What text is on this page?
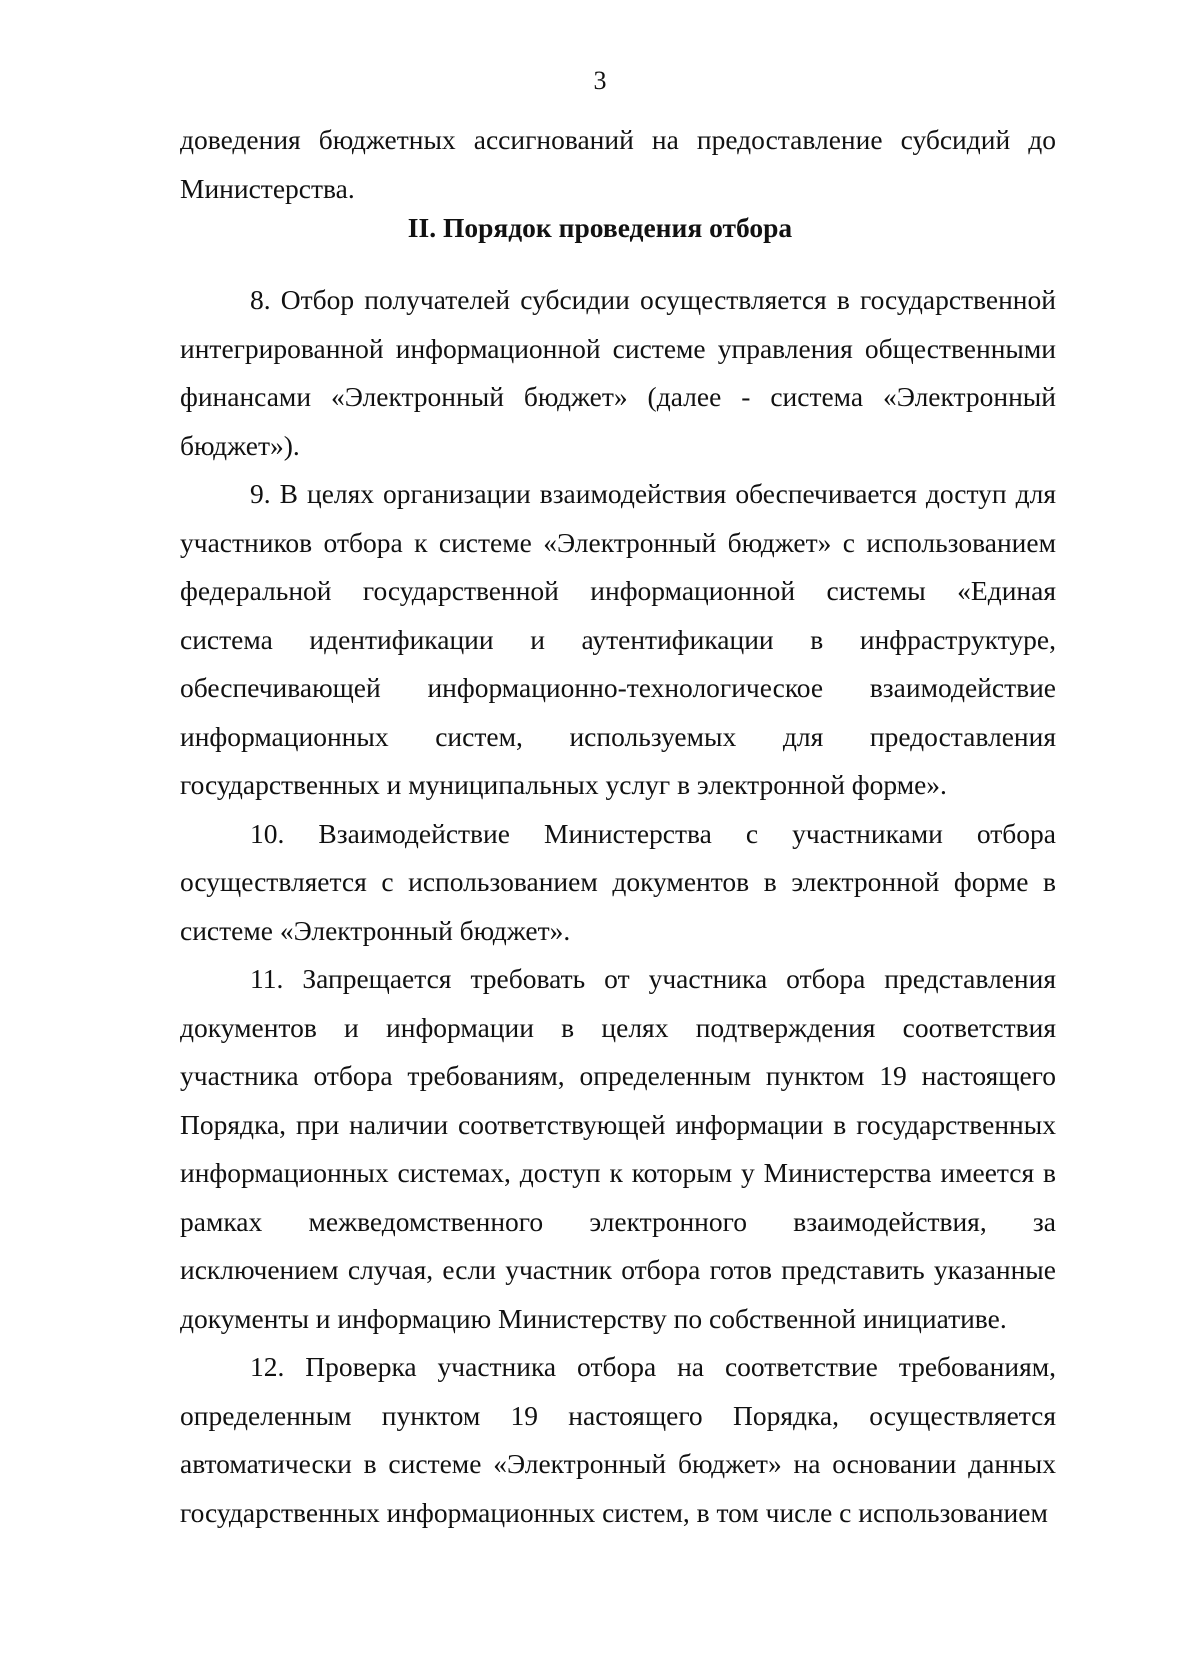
3

доведения бюджетных ассигнований на предоставление субсидий до Министерства.

II. Порядок проведения отбора

8. Отбор получателей субсидии осуществляется в государственной интегрированной информационной системе управления общественными финансами «Электронный бюджет» (далее - система «Электронный бюджет»).

9. В целях организации взаимодействия обеспечивается доступ для участников отбора к системе «Электронный бюджет» с использованием федеральной государственной информационной системы «Единая система идентификации и аутентификации в инфраструктуре, обеспечивающей информационно-технологическое взаимодействие информационных систем, используемых для предоставления государственных и муниципальных услуг в электронной форме».

10. Взаимодействие Министерства с участниками отбора осуществляется с использованием документов в электронной форме в системе «Электронный бюджет».

11. Запрещается требовать от участника отбора представления документов и информации в целях подтверждения соответствия участника отбора требованиям, определенным пунктом 19 настоящего Порядка, при наличии соответствующей информации в государственных информационных системах, доступ к которым у Министерства имеется в рамках межведомственного электронного взаимодействия, за исключением случая, если участник отбора готов представить указанные документы и информацию Министерству по собственной инициативе.

12. Проверка участника отбора на соответствие требованиям, определенным пунктом 19 настоящего Порядка, осуществляется автоматически в системе «Электронный бюджет» на основании данных государственных информационных систем, в том числе с использованием
